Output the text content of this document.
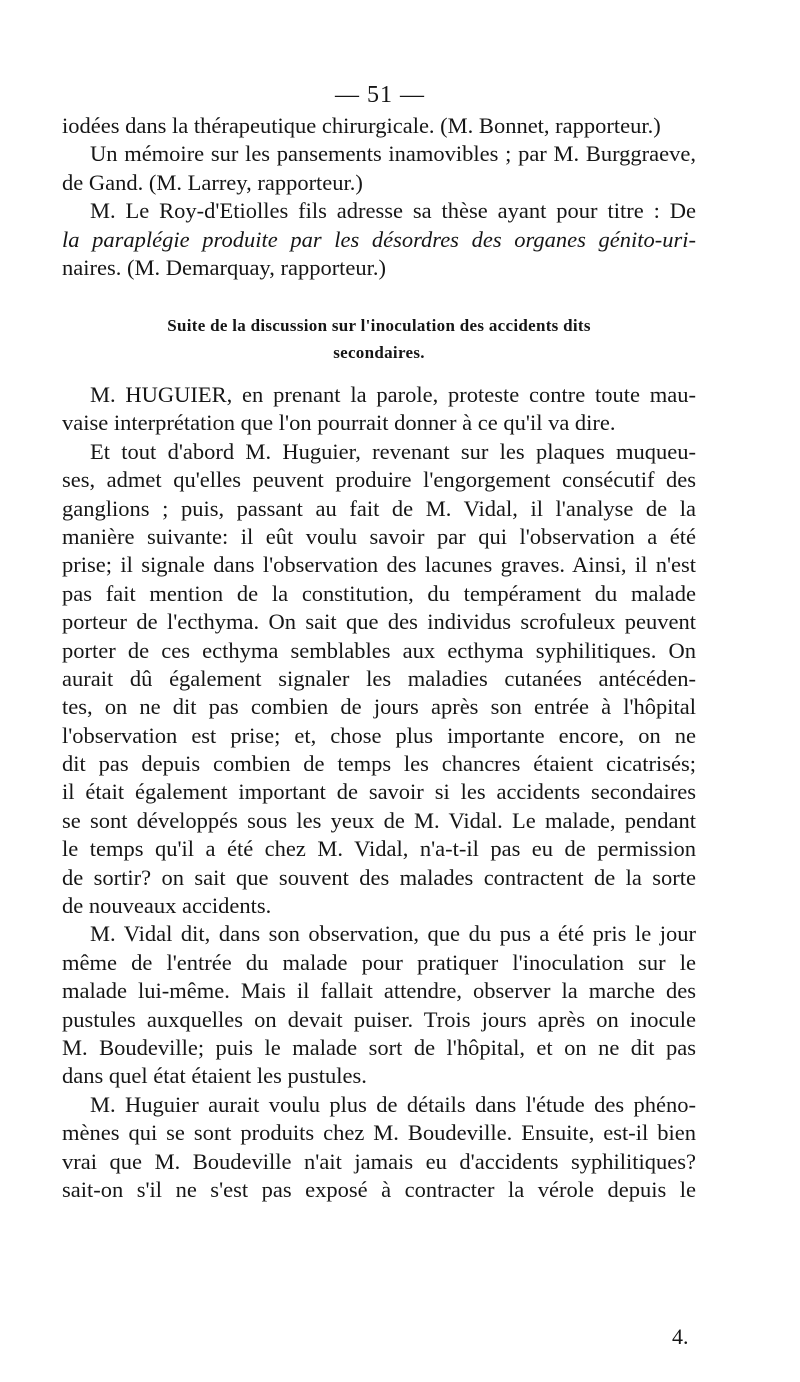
— 51 —
iodées dans la thérapeutique chirurgicale. (M. Bonnet, rapporteur.)
Un mémoire sur les pansements inamovibles ; par M. Burggraeve,
de Gand. (M. Larrey, rapporteur.)
M. Le Roy-d'Etiolles fils adresse sa thèse ayant pour titre : De
la paraplégie produite par les désordres des organes génito-uri-
naires. (M. Demarquay, rapporteur.)
Suite de la discussion sur l'inoculation des accidents dits
secondaires.
M. HUGUIER, en prenant la parole, proteste contre toute mau-
vaise interprétation que l'on pourrait donner à ce qu'il va dire.
Et tout d'abord M. Huguier, revenant sur les plaques muqueu-
ses, admet qu'elles peuvent produire l'engorgement consécutif des
ganglions ; puis, passant au fait de M. Vidal, il l'analyse de la
manière suivante: il eût voulu savoir par qui l'observation a été
prise; il signale dans l'observation des lacunes graves. Ainsi, il n'est
pas fait mention de la constitution, du tempérament du malade
porteur de l'ecthyma. On sait que des individus scrofuleux peuvent
porter de ces ecthyma semblables aux ecthyma syphilitiques. On
aurait dû également signaler les maladies cutanées antécéden-
tes, on ne dit pas combien de jours après son entrée à l'hôpital
l'observation est prise; et, chose plus importante encore, on ne
dit pas depuis combien de temps les chancres étaient cicatrisés;
il était également important de savoir si les accidents secondaires
se sont développés sous les yeux de M. Vidal. Le malade, pendant
le temps qu'il a été chez M. Vidal, n'a-t-il pas eu de permission
de sortir? on sait que souvent des malades contractent de la sorte
de nouveaux accidents.
M. Vidal dit, dans son observation, que du pus a été pris le jour
même de l'entrée du malade pour pratiquer l'inoculation sur le
malade lui-même. Mais il fallait attendre, observer la marche des
pustules auxquelles on devait puiser. Trois jours après on inocule
M. Boudeville; puis le malade sort de l'hôpital, et on ne dit pas
dans quel état étaient les pustules.
M. Huguier aurait voulu plus de détails dans l'étude des phéno-
mènes qui se sont produits chez M. Boudeville. Ensuite, est-il bien
vrai que M. Boudeville n'ait jamais eu d'accidents syphilitiques?
sait-on s'il ne s'est pas exposé à contracter la vérole depuis le
4.
